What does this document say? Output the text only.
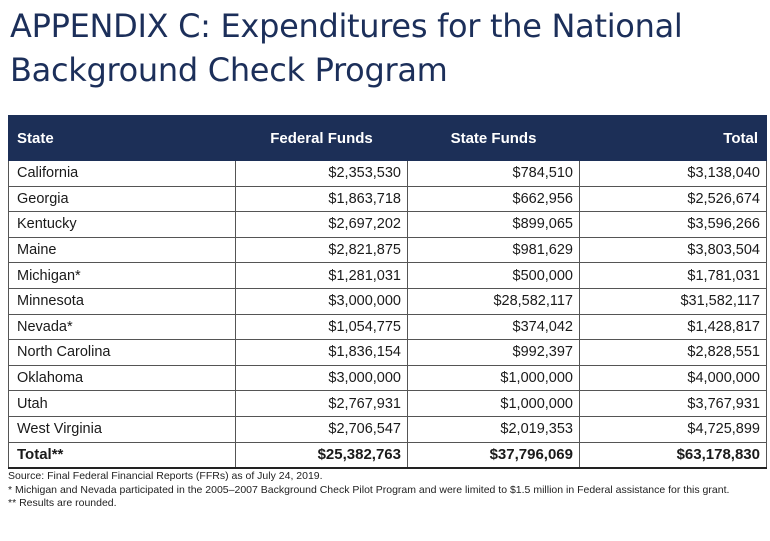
APPENDIX C: Expenditures for the National Background Check Program
State	Federal Funds	State Funds	Total
California	$2,353,530	$784,510	$3,138,040
Georgia	$1,863,718	$662,956	$2,526,674
Kentucky	$2,697,202	$899,065	$3,596,266
Maine	$2,821,875	$981,629	$3,803,504
Michigan*	$1,281,031	$500,000	$1,781,031
Minnesota	$3,000,000	$28,582,117	$31,582,117
Nevada*	$1,054,775	$374,042	$1,428,817
North Carolina	$1,836,154	$992,397	$2,828,551
Oklahoma	$3,000,000	$1,000,000	$4,000,000
Utah	$2,767,931	$1,000,000	$3,767,931
West Virginia	$2,706,547	$2,019,353	$4,725,899
Total**	$25,382,763	$37,796,069	$63,178,830
Source: Final Federal Financial Reports (FFRs) as of July 24, 2019.
* Michigan and Nevada participated in the 2005–2007 Background Check Pilot Program and were limited to $1.5 million in Federal assistance for this grant.
** Results are rounded.
